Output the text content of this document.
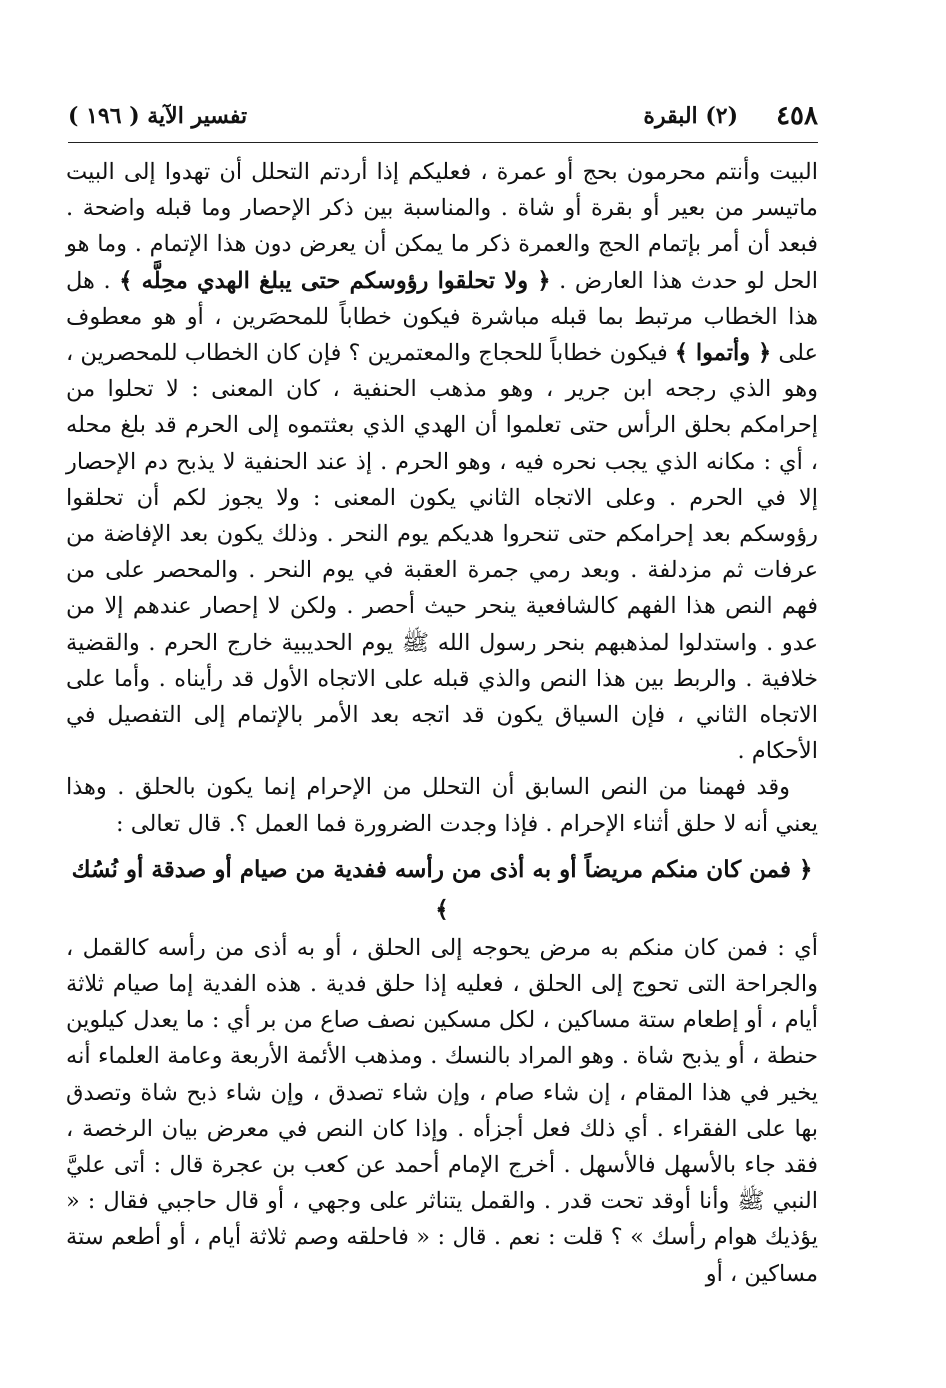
٤٥٨
(٢) البقرة
تفسير الآية ( ١٩٦ )

البيت وأنتم محرمون بحج أو عمرة ، فعليكم إذا أردتم التحلل أن تهدوا إلى البيت ماتيسر من بعير أو بقرة أو شاة . والمناسبة بين ذكر الإحصار وما قبله واضحة . فبعد أن أمر بإتمام الحج والعمرة ذكر ما يمكن أن يعرض دون هذا الإتمام . وما هو الحل لو حدث هذا العارض . ﴿ ولا تحلقوا رؤوسكم حتى يبلغ الهدي محِلَّه ﴾ . هل هذا الخطاب مرتبط بما قبله مباشرة فيكون خطاباً للمحصَرين ، أو هو معطوف على ﴿ وأتموا ﴾ فيكون خطاباً للحجاج والمعتمرين ؟ فإن كان الخطاب للمحصرين ، وهو الذي رجحه ابن جرير ، وهو مذهب الحنفية ، كان المعنى : لا تحلوا من إحرامكم بحلق الرأس حتى تعلموا أن الهدي الذي بعثتموه إلى الحرم قد بلغ محله ، أي : مكانه الذي يجب نحره فيه ، وهو الحرم . إذ عند الحنفية لا يذبح دم الإحصار إلا في الحرم . وعلى الاتجاه الثاني يكون المعنى : ولا يجوز لكم أن تحلقوا رؤوسكم بعد إحرامكم حتى تنحروا هديكم يوم النحر . وذلك يكون بعد الإفاضة من عرفات ثم مزدلفة . وبعد رمي جمرة العقبة في يوم النحر . والمحصر على من فهم النص هذا الفهم كالشافعية ينحر حيث أحصر . ولكن لا إحصار عندهم إلا من عدو . واستدلوا لمذهبهم بنحر رسول الله ﷺ يوم الحديبية خارج الحرم . والقضية خلافية . والربط بين هذا النص والذي قبله على الاتجاه الأول قد رأيناه . وأما على الاتجاه الثاني ، فإن السياق يكون قد اتجه بعد الأمر بالإتمام إلى التفصيل في الأحكام .

وقد فهمنا من النص السابق أن التحلل من الإحرام إنما يكون بالحلق . وهذا يعني أنه لا حلق أثناء الإحرام . فإذا وجدت الضرورة فما العمل ؟. قال تعالى :

﴿ فمن كان منكم مريضاً أو به أذى من رأسه ففدية من صيام أو صدقة أو نُسُك ﴾

أي : فمن كان منكم به مرض يحوجه إلى الحلق ، أو به أذى من رأسه كالقمل ، والجراحة التى تحوج إلى الحلق ، فعليه إذا حلق فدية . هذه الفدية إما صيام ثلاثة أيام ، أو إطعام ستة مساكين ، لكل مسكين نصف صاع من بر أي : ما يعدل كيلوين حنطة ، أو يذبح شاة . وهو المراد بالنسك . ومذهب الأئمة الأربعة وعامة العلماء أنه يخير في هذا المقام ، إن شاء صام ، وإن شاء تصدق ، وإن شاء ذبح شاة وتصدق بها على الفقراء . أي ذلك فعل أجزأه . وإذا كان النص في معرض بيان الرخصة ، فقد جاء بالأسهل فالأسهل . أخرج الإمام أحمد عن كعب بن عجرة قال : أتى عليَّ النبي ﷺ وأنا أوقد تحت قدر . والقمل يتناثر على وجهي ، أو قال حاجبي فقال : « يؤذيك هوام رأسك » ؟ قلت : نعم . قال : « فاحلقه وصم ثلاثة أيام ، أو أطعم ستة مساكين ، أو
